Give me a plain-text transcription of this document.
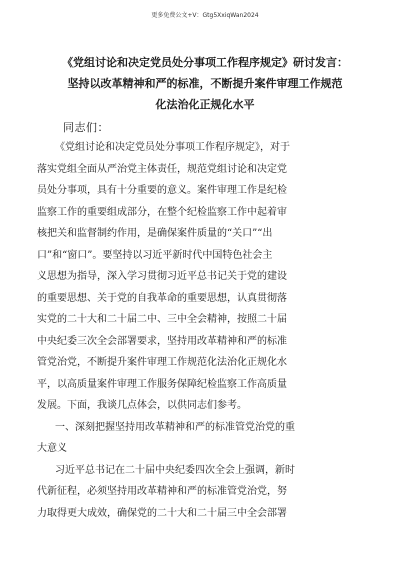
更多免费公文+V：Gtg5XxiqWan2024
《党组讨论和决定党员处分事项工作程序规定》研讨发言：
坚持以改革精神和严的标准，不断提升案件审理工作规范
化法治化正规化水平
同志们：
《党组讨论和决定党员处分事项工作程序规定》，对于
落实党组全面从严治党主体责任，规范党组讨论和决定党
员处分事项，具有十分重要的意义。案件审理工作是纪检
监察工作的重要组成部分，在整个纪检监察工作中起着审
核把关和监督制约作用，是确保案件质量的“关口”“出
口”和“窗口”。要坚持以习近平新时代中国特色社会主
义思想为指导，深入学习贯彻习近平总书记关于党的建设
的重要思想、关于党的自我革命的重要思想，认真贯彻落
实党的二十大和二十届二中、三中全会精神，按照二十届
中央纪委三次全会部署要求，坚持用改革精神和严的标准
管党治党，不断提升案件审理工作规范化法治化正规化水
平，以高质量案件审理工作服务保障纪检监察工作高质量
发展。下面，我谈几点体会，以供同志们参考。
一、深刻把握坚持用改革精神和严的标准管党治党的重
大意义
习近平总书记在二十届中央纪委四次全会上强调，新时
代新征程，必须坚持用改革精神和严的标准管党治党，努
力取得更大成效，确保党的二十大和二十届三中全会部署
